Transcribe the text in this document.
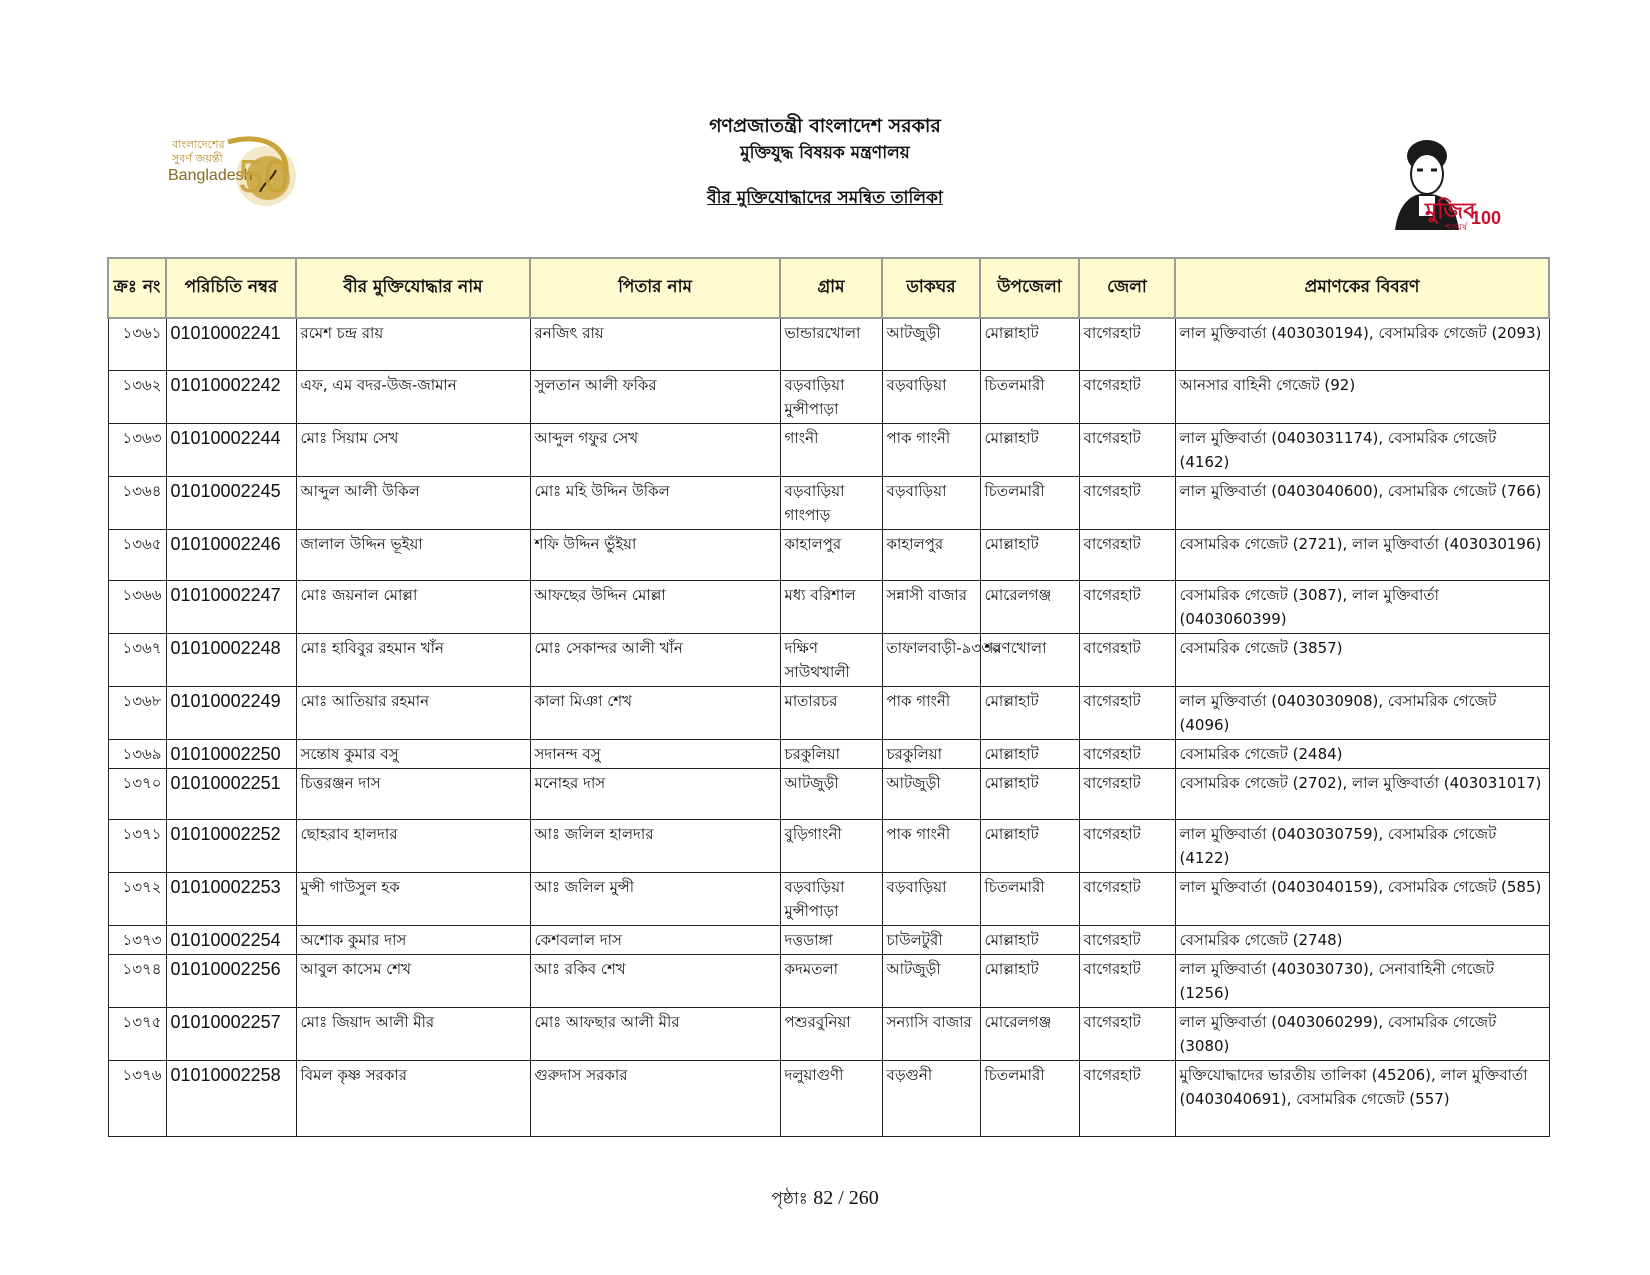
বাংলাদেশের
সুবর্ণ জয়ন্তী
Bangladesh
50
মুজিব
শতবর্ষ 100
গণপ্রজাতন্ত্রী বাংলাদেশ সরকার
মুক্তিযুদ্ধ বিষয়ক মন্ত্রণালয়
বীর মুক্তিযোদ্ধাদের সমন্বিত তালিকা
ক্রঃ নং	পরিচিতি নম্বর	বীর মুক্তিযোদ্ধার নাম	পিতার নাম	গ্রাম	ডাকঘর	উপজেলা	জেলা	প্রমাণকের বিবরণ
১৩৬১	01010002241	রমেশ চন্দ্র রায়	রনজিৎ রায়	ভান্ডারখোলা	আটজুড়ী	মোল্লাহাট	বাগেরহাট	লাল মুক্তিবার্তা (403030194), বেসামরিক গেজেট (2093)
১৩৬২	01010002242	এফ, এম বদর-উজ-জামান	সুলতান আলী ফকির	বড়বাড়িয়া মুন্সীপাড়া	বড়বাড়িয়া	চিতলমারী	বাগেরহাট	আনসার বাহিনী গেজেট (92)
১৩৬৩	01010002244	মোঃ সিয়াম সেখ	আব্দুল গফুর সেখ	গাংনী	পাক গাংনী	মোল্লাহাট	বাগেরহাট	লাল মুক্তিবার্তা (0403031174), বেসামরিক গেজেট (4162)
১৩৬৪	01010002245	আব্দুল আলী উকিল	মোঃ মহি উদ্দিন উকিল	বড়বাড়িয়া গাংপাড়	বড়বাড়িয়া	চিতলমারী	বাগেরহাট	লাল মুক্তিবার্তা (0403040600), বেসামরিক গেজেট (766)
১৩৬৫	01010002246	জালাল উদ্দিন ভূইয়া	শফি উদ্দিন ভুঁইয়া	কাহালপুর	কাহালপুর	মোল্লাহাট	বাগেরহাট	বেসামরিক গেজেট (2721), লাল মুক্তিবার্তা (403030196)
১৩৬৬	01010002247	মোঃ জয়নাল মোল্লা	আফছের উদ্দিন মোল্লা	মধ্য বরিশাল	সন্নাসী বাজার	মোরেলগঞ্জ	বাগেরহাট	বেসামরিক গেজেট (3087), লাল মুক্তিবার্তা (0403060399)
১৩৬৭	01010002248	মোঃ হাবিবুর রহমান খাঁন	মোঃ সেকান্দর আলী খাঁন	দক্ষিণ সাউথখালী	তাফালবাড়ী-৯৩৩০	শরণখোলা	বাগেরহাট	বেসামরিক গেজেট (3857)
১৩৬৮	01010002249	মোঃ আতিয়ার রহমান	কালা মিঞা শেখ	মাতারচর	পাক গাংনী	মোল্লাহাট	বাগেরহাট	লাল মুক্তিবার্তা (0403030908), বেসামরিক গেজেট (4096)
১৩৬৯	01010002250	সন্তোষ কুমার বসু	সদানন্দ বসু	চরকুলিয়া	চরকুলিয়া	মোল্লাহাট	বাগেরহাট	বেসামরিক গেজেট (2484)
১৩৭০	01010002251	চিত্তরঞ্জন দাস	মনোহর দাস	আটজুড়ী	আটজুড়ী	মোল্লাহাট	বাগেরহাট	বেসামরিক গেজেট (2702), লাল মুক্তিবার্তা (403031017)
১৩৭১	01010002252	ছোহরাব হালদার	আঃ জলিল হালদার	বুড়িগাংনী	পাক গাংনী	মোল্লাহাট	বাগেরহাট	লাল মুক্তিবার্তা (0403030759), বেসামরিক গেজেট (4122)
১৩৭২	01010002253	মুন্সী গাউসুল হক	আঃ জলিল মুন্সী	বড়বাড়িয়া মুন্সীপাড়া	বড়বাড়িয়া	চিতলমারী	বাগেরহাট	লাল মুক্তিবার্তা (0403040159), বেসামরিক গেজেট (585)
১৩৭৩	01010002254	অশোক কুমার দাস	কেশবলাল দাস	দত্তডাঙ্গা	চাউলটুরী	মোল্লাহাট	বাগেরহাট	বেসামরিক গেজেট (2748)
১৩৭৪	01010002256	আবুল কাসেম শেখ	আঃ রকিব শেখ	কদমতলা	আটজুড়ী	মোল্লাহাট	বাগেরহাট	লাল মুক্তিবার্তা (403030730), সেনাবাহিনী গেজেট (1256)
১৩৭৫	01010002257	মোঃ জিয়াদ আলী মীর	মোঃ আফছার আলী মীর	পশুরবুনিয়া	সন্যাসি বাজার	মোরেলগঞ্জ	বাগেরহাট	লাল মুক্তিবার্তা (0403060299), বেসামরিক গেজেট (3080)
১৩৭৬	01010002258	বিমল কৃষ্ণ সরকার	গুরুদাস সরকার	দলুয়াগুণী	বড়গুনী	চিতলমারী	বাগেরহাট	মুক্তিযোদ্ধাদের ভারতীয় তালিকা (45206), লাল মুক্তিবার্তা (0403040691), বেসামরিক গেজেট (557)
পৃষ্ঠাঃ 82 / 260
